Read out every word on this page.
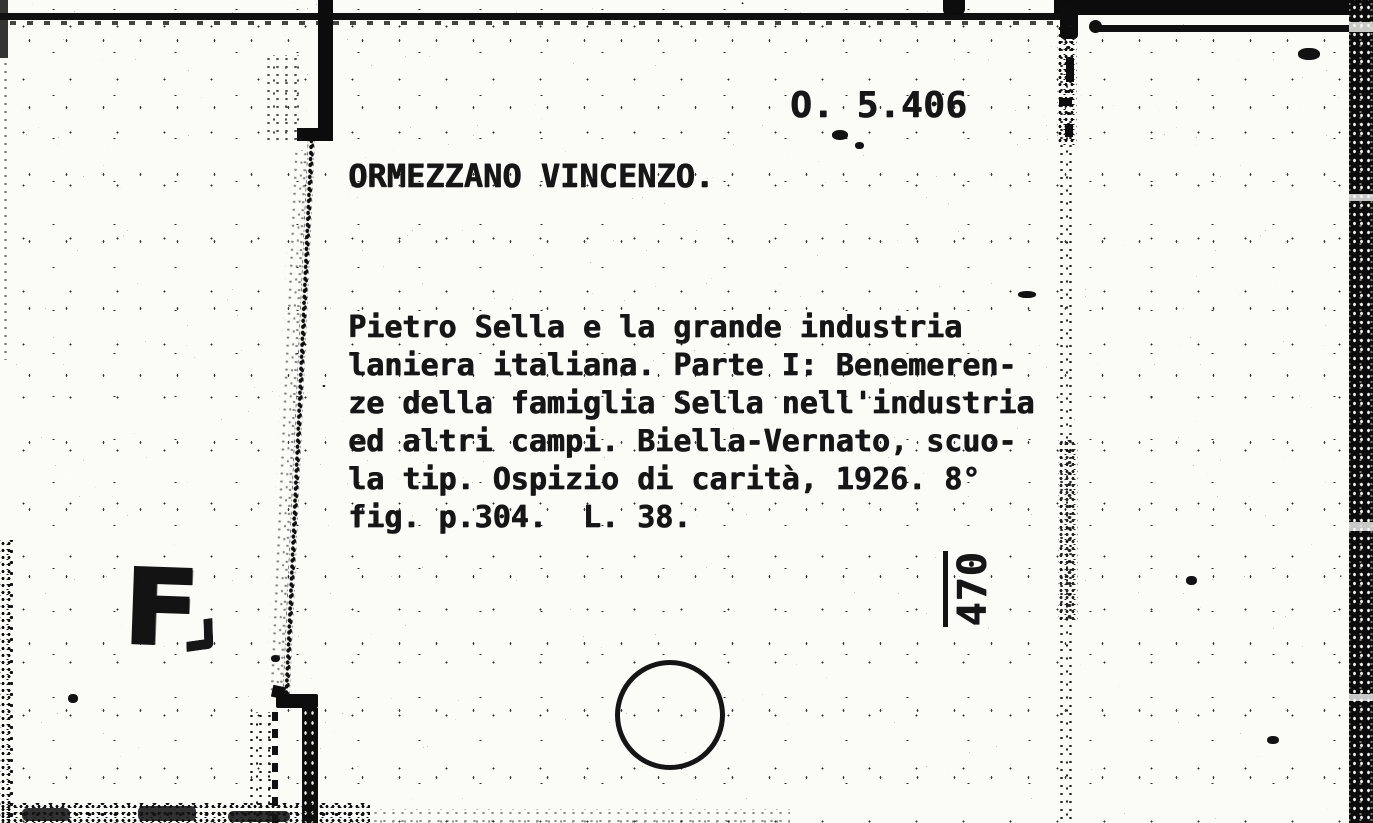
O. 5.406
ORMEZZANO VINCENZO.

Pietro Sella e la grande industria

laniera italiana. Parte I: Benemeren-

ze della famiglia Sella nell'industria

ed altri campi. Biella-Vernato, scuo-

la tip. Ospizio di carità, 1926. 8°

fig. p.304.  L. 38.

470
F
